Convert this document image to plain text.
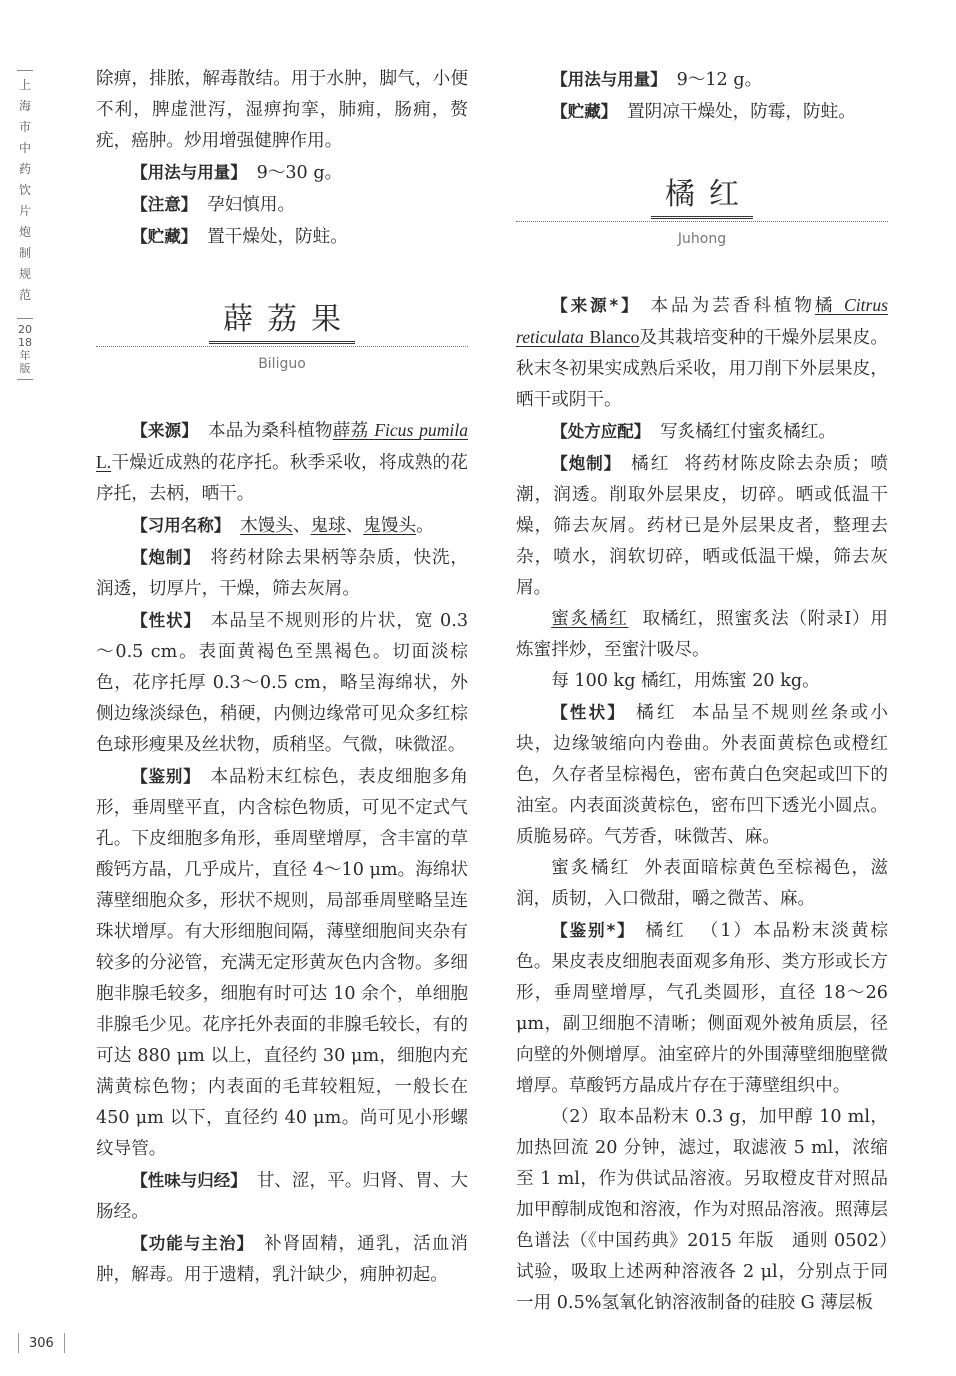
上海市中药饮片炮制规范
2018年版

除痹，排脓，解毒散结。用于水肿，脚气，小便不利，脾虚泄泻，湿痹拘挛，肺痈，肠痈，赘疣，癌肿。炒用增强健脾作用。

【用法与用量】 9～30 g。

【注意】 孕妇慎用。

【贮藏】 置干燥处，防蛀。

薜荔果
Biliguo

【来源】 本品为桑科植物薜荔 Ficus pumila L.干燥近成熟的花序托。秋季采收，将成熟的花序托，去柄，晒干。

【习用名称】 木馒头、鬼球、鬼馒头。

【炮制】 将药材除去果柄等杂质，快洗，润透，切厚片，干燥，筛去灰屑。

【性状】 本品呈不规则形的片状，宽 0.3～0.5 cm。表面黄褐色至黑褐色。切面淡棕色，花序托厚 0.3～0.5 cm，略呈海绵状，外侧边缘淡绿色，稍硬，内侧边缘常可见众多红棕色球形瘦果及丝状物，质稍坚。气微，味微涩。

【鉴别】 本品粉末红棕色，表皮细胞多角形，垂周壁平直，内含棕色物质，可见不定式气孔。下皮细胞多角形，垂周壁增厚，含丰富的草酸钙方晶，几乎成片，直径 4～10 μm。海绵状薄壁细胞众多，形状不规则，局部垂周壁略呈连珠状增厚。有大形细胞间隔，薄壁细胞间夹杂有较多的分泌管，充满无定形黄灰色内含物。多细胞非腺毛较多，细胞有时可达 10 余个，单细胞非腺毛少见。花序托外表面的非腺毛较长，有的可达 880 μm 以上，直径约 30 μm，细胞内充满黄棕色物；内表面的毛茸较粗短，一般长在 450 μm 以下，直径约 40 μm。尚可见小形螺纹导管。

【性味与归经】 甘、涩，平。归肾、胃、大肠经。

【功能与主治】 补肾固精，通乳，活血消肿，解毒。用于遗精，乳汁缺少，痈肿初起。

【用法与用量】 9～12 g。

【贮藏】 置阴凉干燥处，防霉，防蛀。

橘红
Juhong

【来源*】 本品为芸香科植物橘 Citrus reticulata Blanco及其栽培变种的干燥外层果皮。秋末冬初果实成熟后采收，用刀削下外层果皮，晒干或阴干。

【处方应配】 写炙橘红付蜜炙橘红。

【炮制】 橘红 将药材陈皮除去杂质；喷潮，润透。削取外层果皮，切碎。晒或低温干燥，筛去灰屑。药材已是外层果皮者，整理去杂，喷水，润软切碎，晒或低温干燥，筛去灰屑。

蜜炙橘红 取橘红，照蜜炙法（附录Ⅰ）用炼蜜拌炒，至蜜汁吸尽。

每 100 kg 橘红，用炼蜜 20 kg。

【性状】 橘红 本品呈不规则丝条或小块，边缘皱缩向内卷曲。外表面黄棕色或橙红色，久存者呈棕褐色，密布黄白色突起或凹下的油室。内表面淡黄棕色，密布凹下透光小圆点。质脆易碎。气芳香，味微苦、麻。

蜜炙橘红 外表面暗棕黄色至棕褐色，滋润，质韧，入口微甜，嚼之微苦、麻。

【鉴别*】 橘红 （1）本品粉末淡黄棕色。果皮表皮细胞表面观多角形、类方形或长方形，垂周壁增厚，气孔类圆形，直径 18～26 μm，副卫细胞不清晰；侧面观外被角质层，径向壁的外侧增厚。油室碎片的外围薄壁细胞壁微增厚。草酸钙方晶成片存在于薄壁组织中。

（2）取本品粉末 0.3 g，加甲醇 10 ml，加热回流 20 分钟，滤过，取滤液 5 ml，浓缩至 1 ml，作为供试品溶液。另取橙皮苷对照品加甲醇制成饱和溶液，作为对照品溶液。照薄层色谱法（《中国药典》2015 年版　通则 0502）试验，吸取上述两种溶液各 2 μl，分别点于同一用 0.5%氢氧化钠溶液制备的硅胶 G 薄层板

306
